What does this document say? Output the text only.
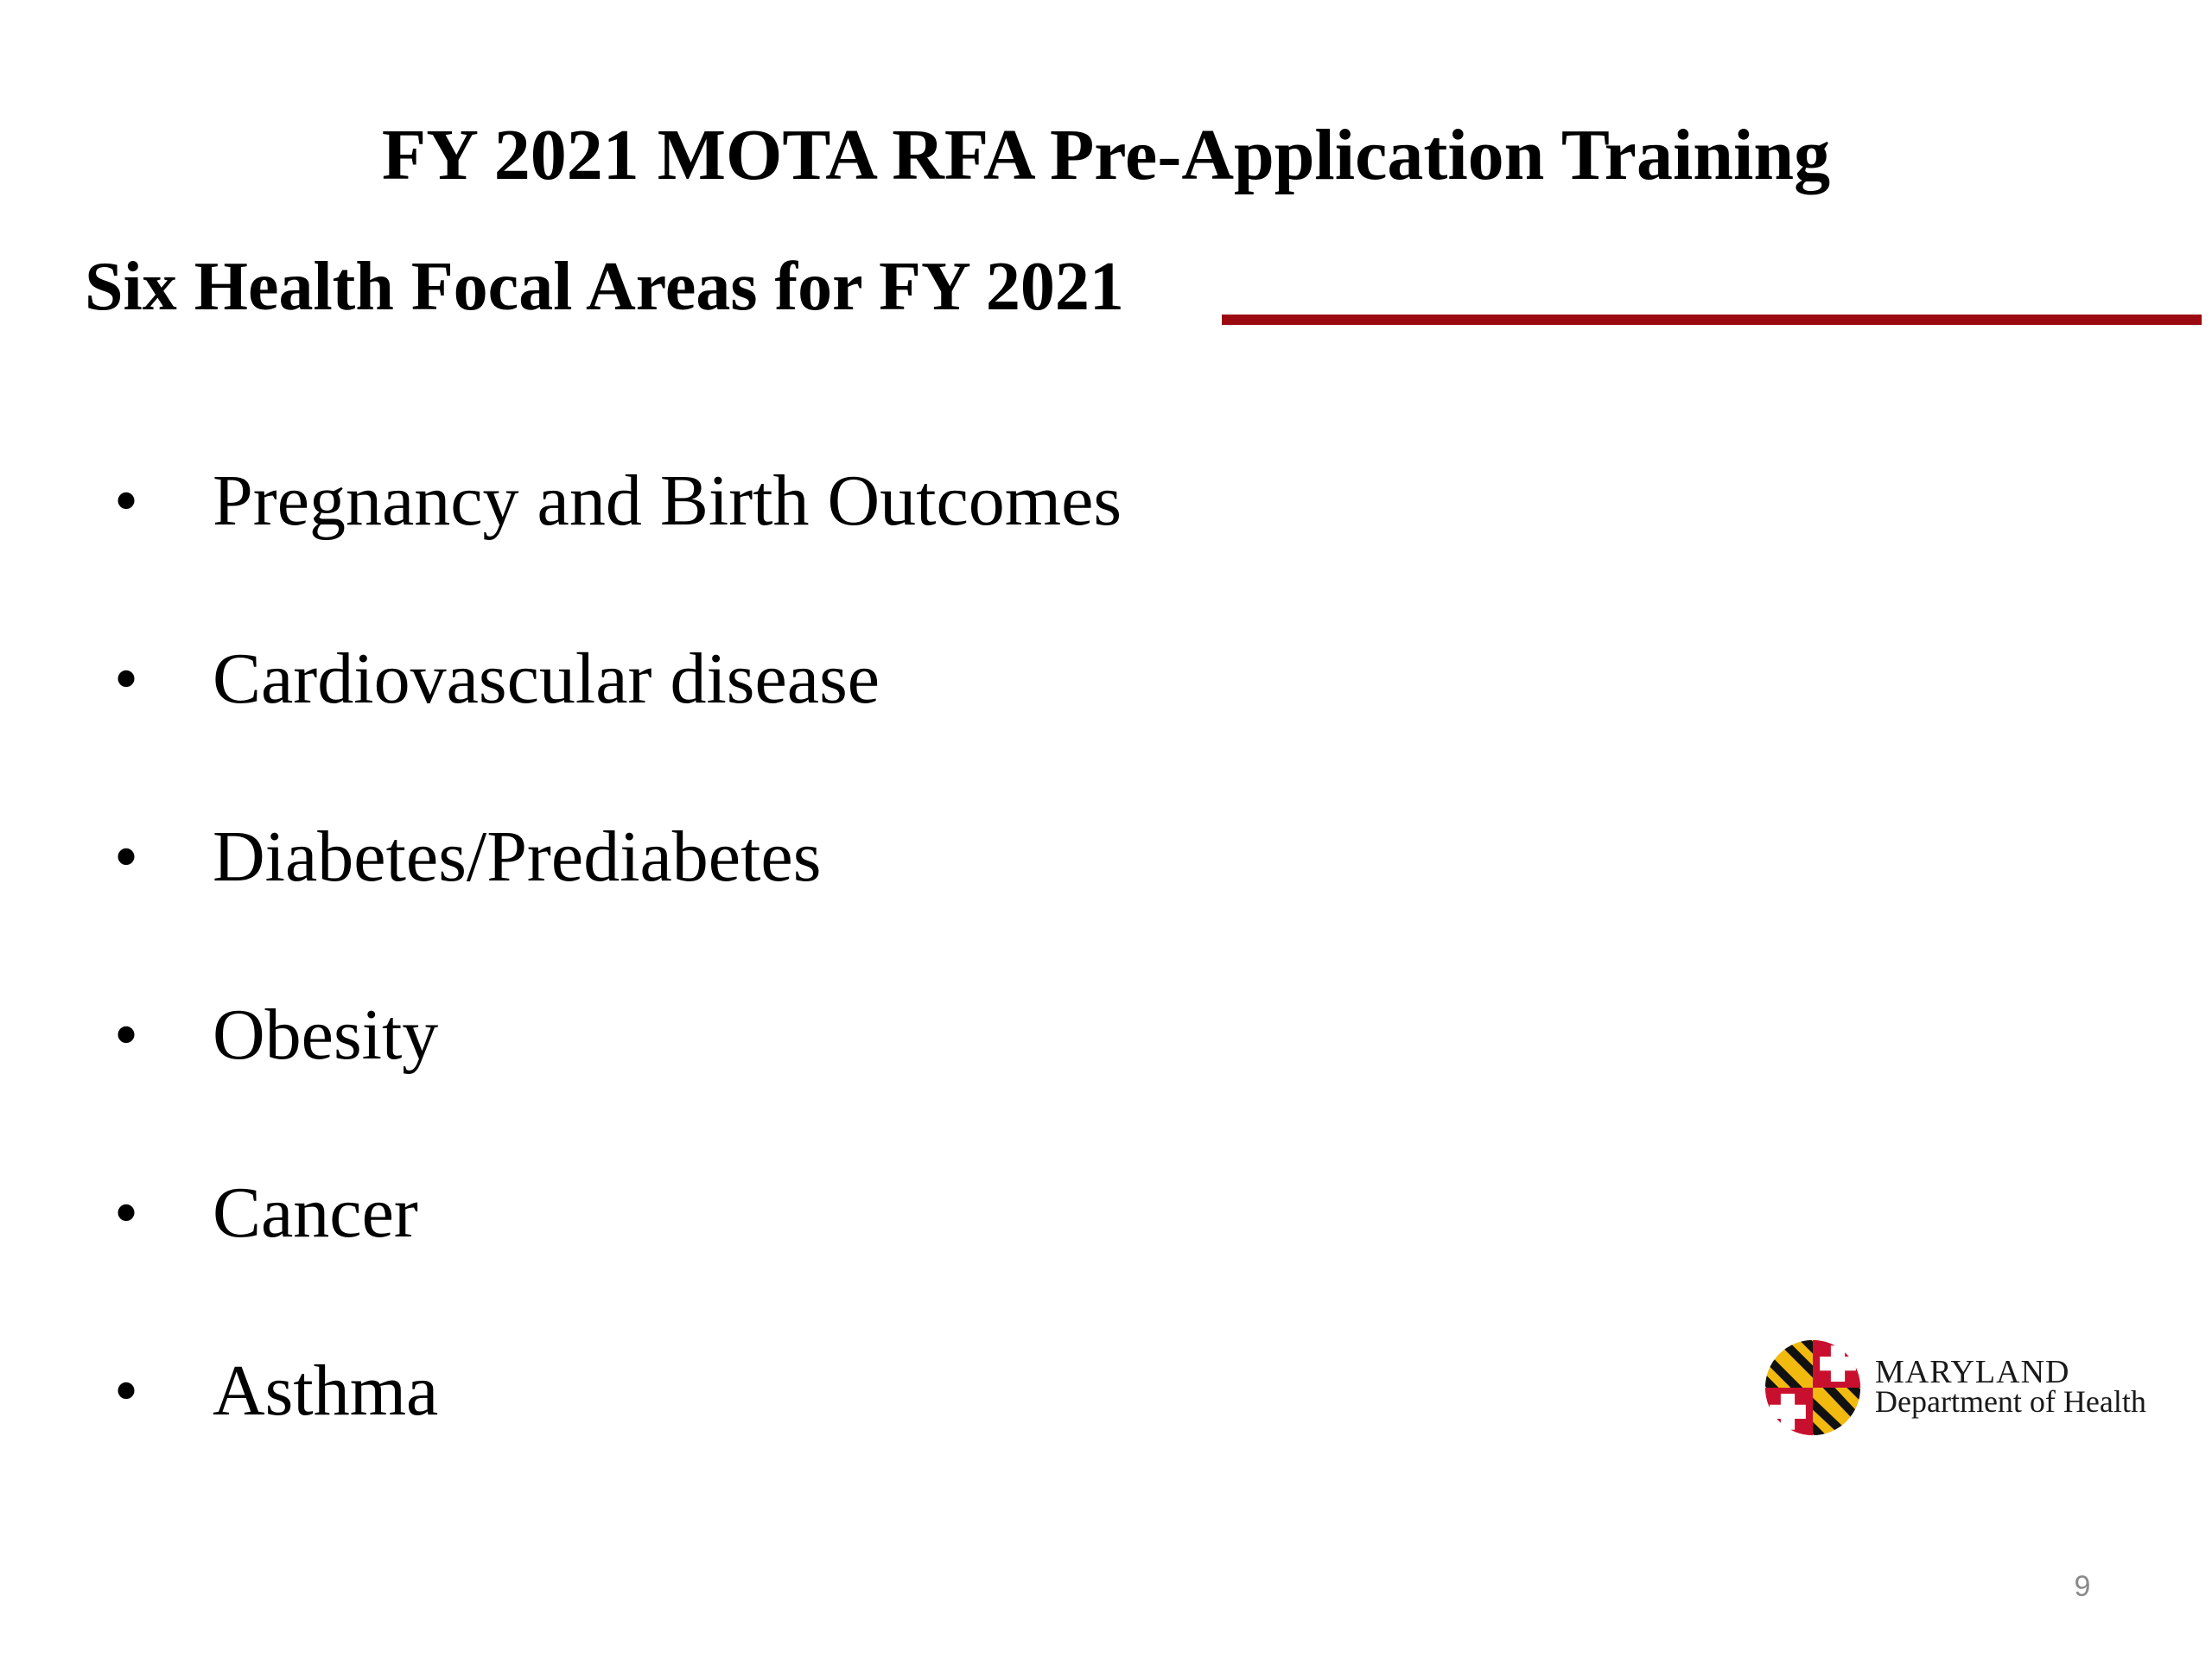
FY 2021 MOTA RFA Pre-Application Training
Six Health Focal Areas for FY 2021
• Pregnancy and Birth Outcomes
• Cardiovascular disease
• Diabetes/Prediabetes
• Obesity
• Cancer
• Asthma	MARYLAND
Department of Health
9
